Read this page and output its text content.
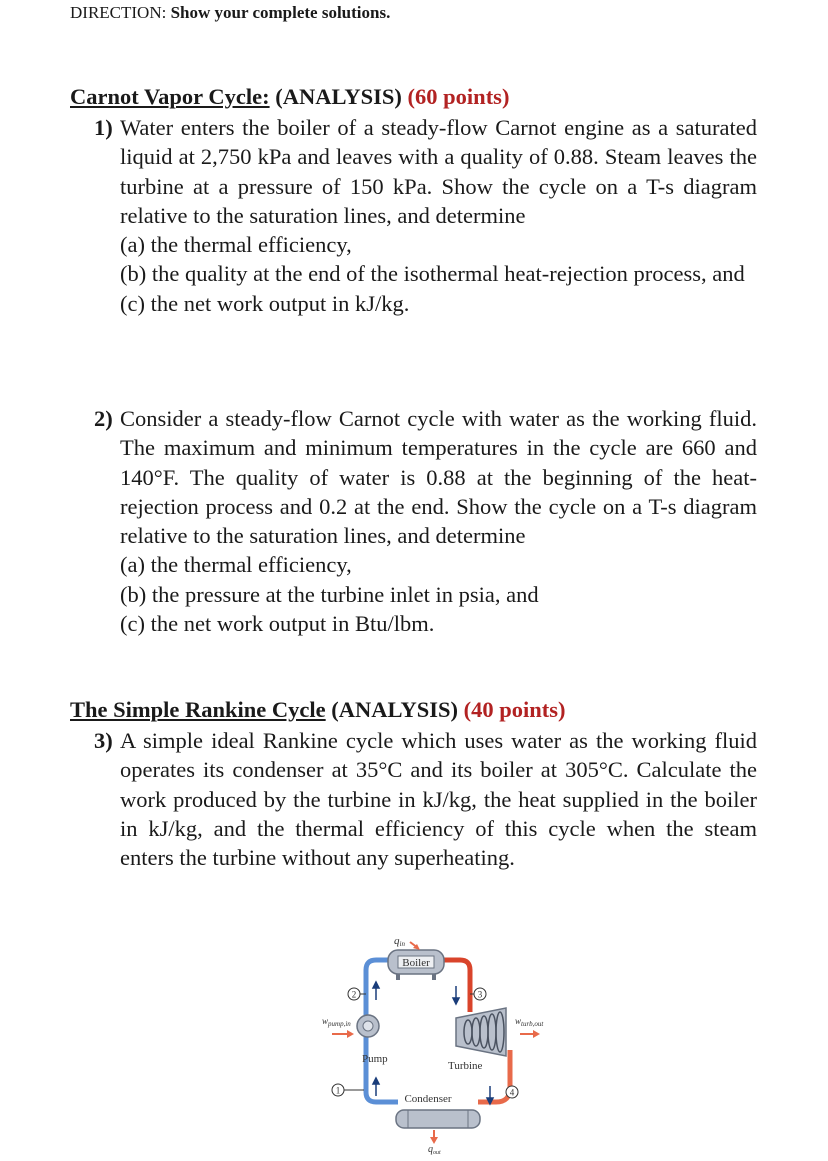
DIRECTION: Show your complete solutions.
Carnot Vapor Cycle: (ANALYSIS) (60 points)
1) Water enters the boiler of a steady-flow Carnot engine as a saturated liquid at 2,750 kPa and leaves with a quality of 0.88. Steam leaves the turbine at a pressure of 150 kPa. Show the cycle on a T-s diagram relative to the saturation lines, and determine

(a) the thermal efficiency,

(b) the quality at the end of the isothermal heat-rejection process, and

(c) the net work output in kJ/kg.

2) Consider a steady-flow Carnot cycle with water as the working fluid. The maximum and minimum temperatures in the cycle are 660 and 140°F. The quality of water is 0.88 at the beginning of the heat-rejection process and 0.2 at the end. Show the cycle on a T-s diagram relative to the saturation lines, and determine

(a) the thermal efficiency,

(b) the pressure at the turbine inlet in psia, and

(c) the net work output in Btu/lbm.

The Simple Rankine Cycle (ANALYSIS) (40 points)
3) A simple ideal Rankine cycle which uses water as the working fluid operates its condenser at 35°C and its boiler at 305°C. Calculate the work produced by the turbine in kJ/kg, the heat supplied in the boiler in kJ/kg, and the thermal efficiency of this cycle when the steam enters the turbine without any superheating.

Boiler
qin
Pump
$w_{pump,in}$
Turbine
$w_{turb,out}$
Condenser
$q_{out}$
2	3
4
1
